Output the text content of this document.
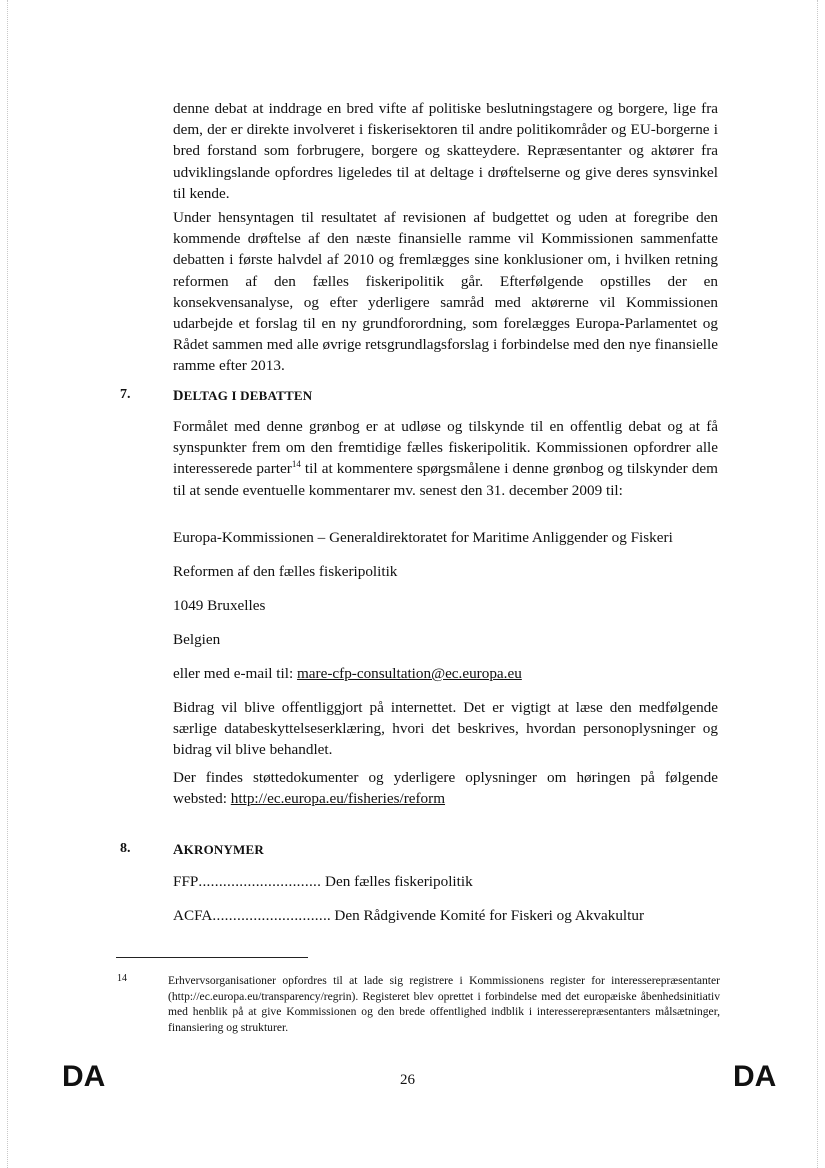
denne debat at inddrage en bred vifte af politiske beslutningstagere og borgere, lige fra dem, der er direkte involveret i fiskerisektoren til andre politikområder og EU-borgerne i bred forstand som forbrugere, borgere og skatteydere. Repræsentanter og aktører fra udviklingslande opfordres ligeledes til at deltage i drøftelserne og give deres synsvinkel til kende.

Under hensyntagen til resultatet af revisionen af budgettet og uden at foregribe den kommende drøftelse af den næste finansielle ramme vil Kommissionen sammenfatte debatten i første halvdel af 2010 og fremlægges sine konklusioner om, i hvilken retning reformen af den fælles fiskeripolitik går. Efterfølgende opstilles der en konsekvensanalyse, og efter yderligere samråd med aktørerne vil Kommissionen udarbejde et forslag til en ny grundforordning, som forelægges Europa-Parlamentet og Rådet sammen med alle øvrige retsgrundlagsforslag i forbindelse med den nye finansielle ramme efter 2013.

7.	DELTAG I DEBATTEN

Formålet med denne grønbog er at udløse og tilskynde til en offentlig debat og at få synspunkter frem om den fremtidige fælles fiskeripolitik. Kommissionen opfordrer alle interesserede parter$^{14}$ til at kommentere spørgsmålene i denne grønbog og tilskynder dem til at sende eventuelle kommentarer mv. senest den 31. december 2009 til:

Europa-Kommissionen – Generaldirektoratet for Maritime Anliggender og Fiskeri

Reformen af den fælles fiskeripolitik

1049 Bruxelles

Belgien

eller med e-mail til: mare-cfp-consultation@ec.europa.eu

Bidrag vil blive offentliggjort på internettet. Det er vigtigt at læse den medfølgende særlige databeskyttelseserklæring, hvori det beskrives, hvordan personoplysninger og bidrag vil blive behandlet.

Der findes støttedokumenter og yderligere oplysninger om høringen på følgende websted: http://ec.europa.eu/fisheries/reform

8.	AKRONYMER
FFP.............................. Den fælles fiskeripolitik
ACFA............................. Den Rådgivende Komité for Fiskeri og Akvakultur
14	Erhvervsorganisationer opfordres til at lade sig registrere i Kommissionens register for interesserepræsentanter (http://ec.europa.eu/transparency/regrin). Registeret blev oprettet i forbindelse med det europæiske åbenhedsinitiativ med henblik på at give Kommissionen og den brede offentlighed indblik i interesserepræsentanters målsætninger, finansiering og strukturer.

DA	26	DA
